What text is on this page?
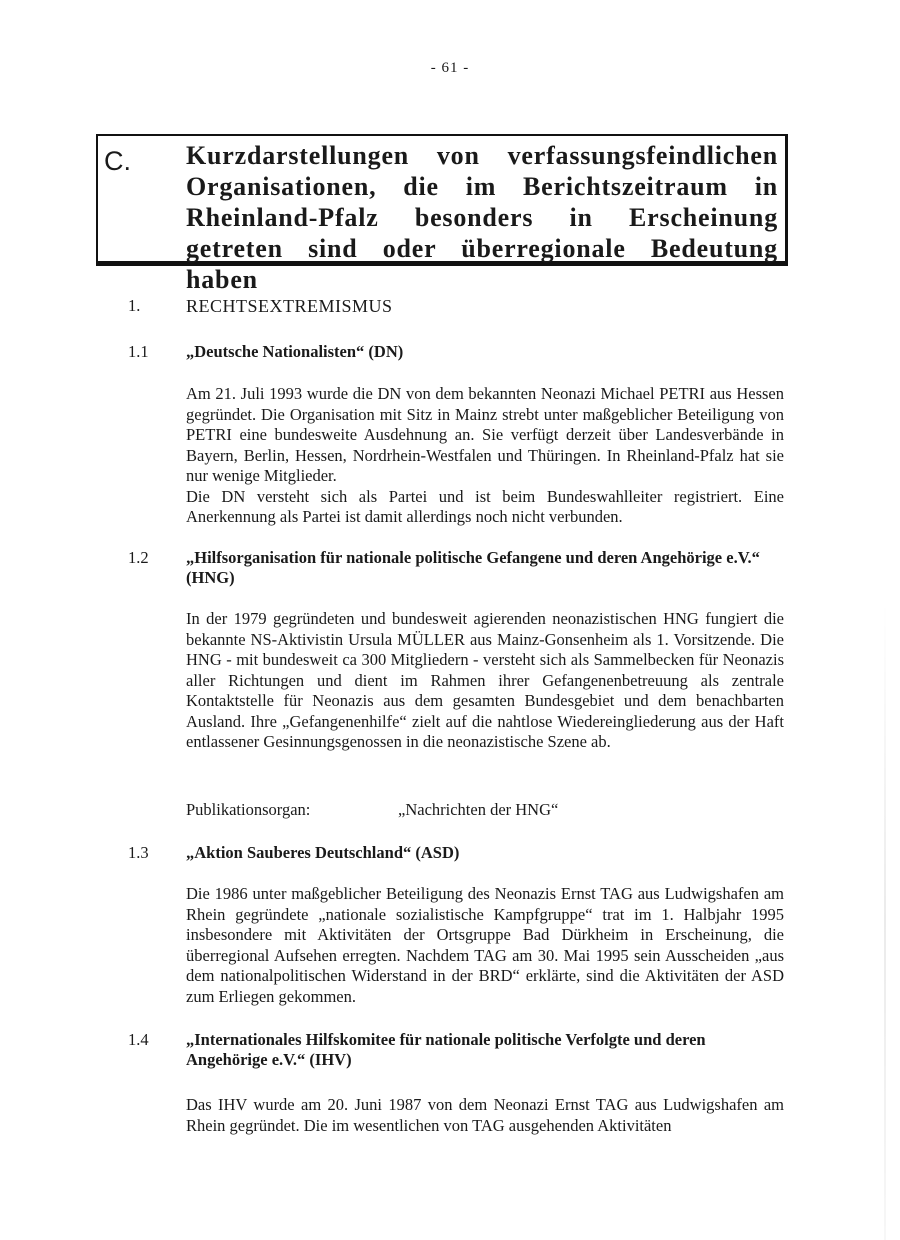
- 61 -
C. Kurzdarstellungen von verfassungsfeindlichen Organisationen, die im Berichtszeitraum in Rheinland-Pfalz besonders in Erscheinung getreten sind oder überregionale Bedeutung haben
1.	RECHTSEXTREMISMUS
1.1 „Deutsche Nationalisten“ (DN)

Am 21. Juli 1993 wurde die DN von dem bekannten Neonazi Michael PETRI aus Hessen gegründet. Die Organisation mit Sitz in Mainz strebt unter maßgeblicher Beteiligung von PETRI eine bundesweite Ausdehnung an. Sie verfügt derzeit über Landesverbände in Bayern, Berlin, Hessen, Nordrhein-Westfalen und Thüringen. In Rheinland-Pfalz hat sie nur wenige Mitglieder.

Die DN versteht sich als Partei und ist beim Bundeswahlleiter registriert. Eine Anerkennung als Partei ist damit allerdings noch nicht verbunden.

1.2 „Hilfsorganisation für nationale politische Gefangene und deren Angehörige e.V.“ (HNG)

In der 1979 gegründeten und bundesweit agierenden neonazistischen HNG fungiert die bekannte NS-Aktivistin Ursula MÜLLER aus Mainz-Gonsenheim als 1. Vorsitzende. Die HNG - mit bundesweit ca 300 Mitgliedern - versteht sich als Sammelbecken für Neonazis aller Richtungen und dient im Rahmen ihrer Gefangenenbetreuung als zentrale Kontaktstelle für Neonazis aus dem gesamten Bundesgebiet und dem benachbarten Ausland. Ihre „Gefangenenhilfe“ zielt auf die nahtlose Wiedereingliederung aus der Haft entlassener Gesinnungsgenossen in die neonazistische Szene ab.

Publikationsorgan:	„Nachrichten der HNG“
1.3 „Aktion Sauberes Deutschland“ (ASD)

Die 1986 unter maßgeblicher Beteiligung des Neonazis Ernst TAG aus Ludwigshafen am Rhein gegründete „nationale sozialistische Kampfgruppe“ trat im 1. Halbjahr 1995 insbesondere mit Aktivitäten der Ortsgruppe Bad Dürkheim in Erscheinung, die überregional Aufsehen erregten. Nachdem TAG am 30. Mai 1995 sein Ausscheiden „aus dem nationalpolitischen Widerstand in der BRD“ erklärte, sind die Aktivitäten der ASD zum Erliegen gekommen.

1.4 „Internationales Hilfskomitee für nationale politische Verfolgte und deren Angehörige e.V.“ (IHV)

Das IHV wurde am 20. Juni 1987 von dem Neonazi Ernst TAG aus Ludwigshafen am Rhein gegründet. Die im wesentlichen von TAG ausgehenden Aktivitäten
